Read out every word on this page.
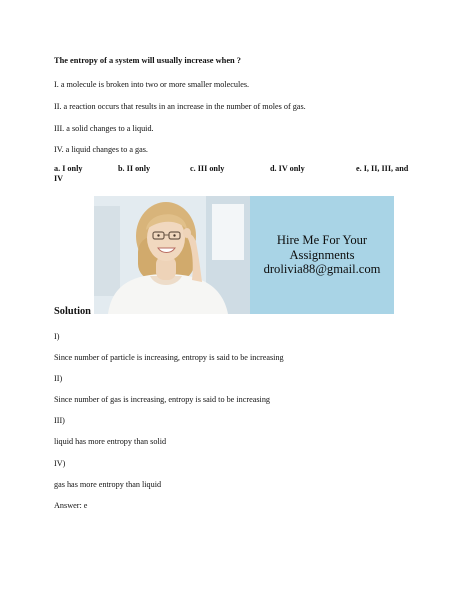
The entropy of a system will usually increase when ?
I. a molecule is broken into two or more smaller molecules.
II. a reaction occurs that results in an increase in the number of moles of gas.
III. a solid changes to a liquid.
IV. a liquid changes to a gas.
a. I only	b. II only	c. III only	d. IV only	e. I, II, III, and
IV
Hire Me For Your
Assignments
drolivia88@gmail.com
Solution
I)
Since number of particle is increasing, entropy is said to be increasing
II)
Since number of gas is increasing, entropy is said to be increasing
III)
liquid has more entropy than solid
IV)
gas has more entropy than liquid
Answer: e
